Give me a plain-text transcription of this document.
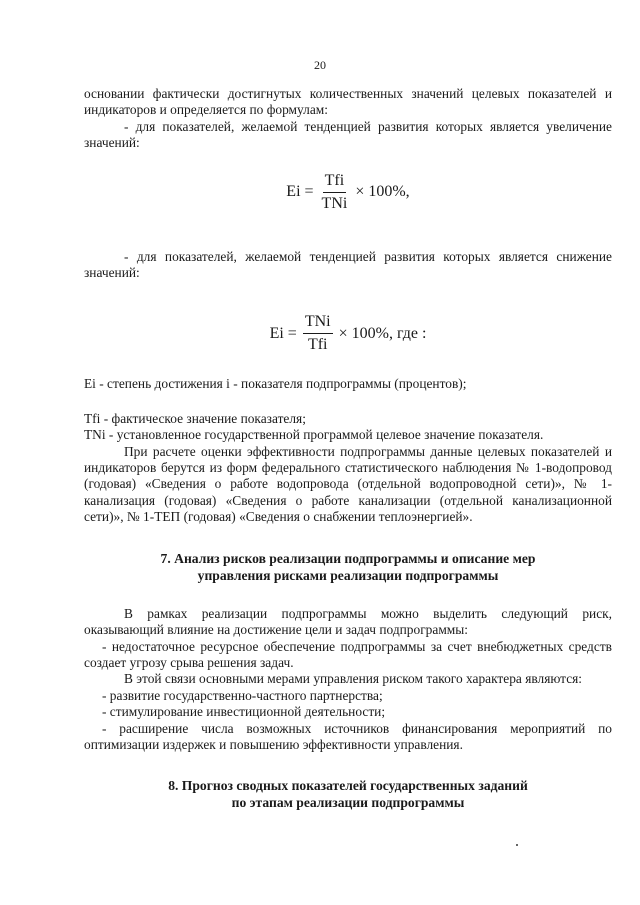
20

основании фактически достигнутых количественных значений целевых показателей и индикаторов и определяется по формулам:

- для показателей, желаемой тенденцией развития которых является увеличение значений:

$Ei = \frac{\text{Tfi}}{\text{TNi}} \times 100\%$,

- для показателей, желаемой тенденцией развития которых является снижение значений:

$Ei = \frac{\text{TNi}}{\text{Tfi}} \times 100\%$, где :

Ei - степень достижения i - показателя подпрограммы (процентов);

Tfi - фактическое значение показателя;

TNi - установленное государственной программой целевое значение показателя.

При расчете оценки эффективности подпрограммы данные целевых показателей и индикаторов берутся из форм федерального статистического наблюдения № 1-водопровод (годовая) «Сведения о работе водопровода (отдельной водопроводной сети)», № 1-канализация (годовая) «Сведения о работе канализации (отдельной канализационной сети)», № 1-ТЕП (годовая) «Сведения о снабжении теплоэнергией».

7. Анализ рисков реализации подпрограммы и описание мер
управления рисками реализации подпрограммы

В рамках реализации подпрограммы можно выделить следующий риск, оказывающий влияние на достижение цели и задач подпрограммы:

- недостаточное ресурсное обеспечение подпрограммы за счет внебюджетных средств создает угрозу срыва решения задач.

В этой связи основными мерами управления риском такого характера являются:

- развитие государственно-частного партнерства;

- стимулирование инвестиционной деятельности;

- расширение числа возможных источников финансирования мероприятий по оптимизации издержек и повышению эффективности управления.

8. Прогноз сводных показателей государственных заданий
по этапам реализации подпрограммы
